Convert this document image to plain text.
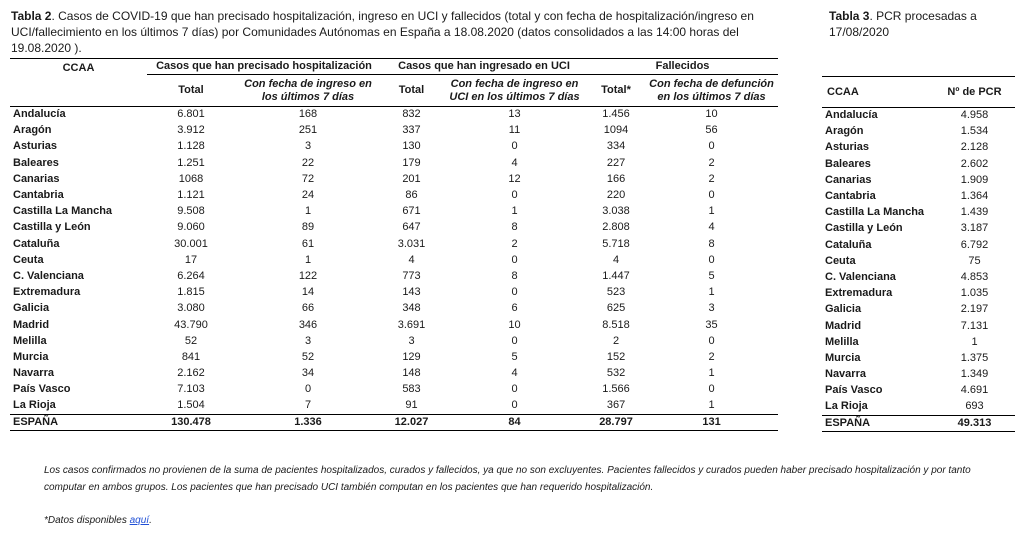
Tabla 2. Casos de COVID-19 que han precisado hospitalización, ingreso en UCI y fallecidos (total y con fecha de hospitalización/ingreso en UCI/fallecimiento en los últimos 7 días) por Comunidades Autónomas en España a 18.08.2020 (datos consolidados a las 14:00 horas del 19.08.2020 ).
Tabla 3. PCR procesadas a 17/08/2020
CCAA	Casos que han precisado hospitalización		Casos que han ingresado en UCI		Fallecidos	
	Total	Con fecha de ingreso en los últimos 7 días	Total	Con fecha de ingreso en UCI en los últimos 7 días	Total*	Con fecha de defunción en los últimos 7 días
Andalucía	6.801	168	832	13	1.456	10
Aragón	3.912	251	337	11	1094	56
Asturias	1.128	3	130	0	334	0
Baleares	1.251	22	179	4	227	2
Canarias	1068	72	201	12	166	2
Cantabria	1.121	24	86	0	220	0
Castilla La Mancha	9.508	1	671	1	3.038	1
Castilla y León	9.060	89	647	8	2.808	4
Cataluña	30.001	61	3.031	2	5.718	8
Ceuta	17	1	4	0	4	0
C. Valenciana	6.264	122	773	8	1.447	5
Extremadura	1.815	14	143	0	523	1
Galicia	3.080	66	348	6	625	3
Madrid	43.790	346	3.691	10	8.518	35
Melilla	52	3	3	0	2	0
Murcia	841	52	129	5	152	2
Navarra	2.162	34	148	4	532	1
País Vasco	7.103	0	583	0	1.566	0
La Rioja	1.504	7	91	0	367	1
ESPAÑA	130.478	1.336	12.027	84	28.797	131
CCAA	Nº de PCR
Andalucía	4.958
Aragón	1.534
Asturias	2.128
Baleares	2.602
Canarias	1.909
Cantabria	1.364
Castilla La Mancha	1.439
Castilla y León	3.187
Cataluña	6.792
Ceuta	75
C. Valenciana	4.853
Extremadura	1.035
Galicia	2.197
Madrid	7.131
Melilla	1
Murcia	1.375
Navarra	1.349
País Vasco	4.691
La Rioja	693
ESPAÑA	49.313
Los casos confirmados no provienen de la suma de pacientes hospitalizados, curados y fallecidos, ya que no son excluyentes. Pacientes fallecidos y curados pueden haber precisado hospitalización y por tanto computar en ambos grupos. Los pacientes que han precisado UCI también computan en los pacientes que han requerido hospitalización.
*Datos disponibles aquí.
